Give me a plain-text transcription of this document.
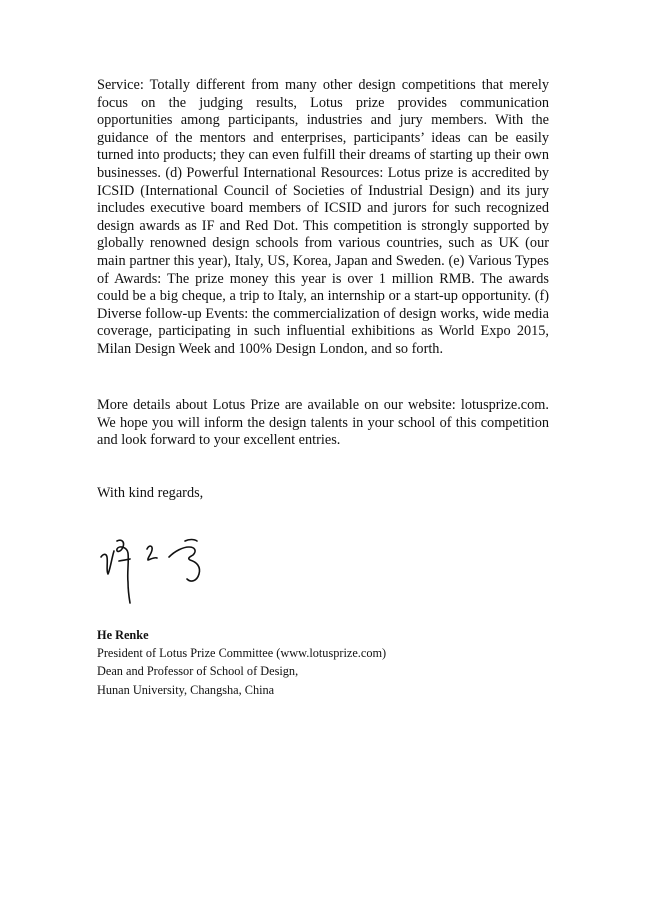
Service: Totally different from many other design competitions that merely focus on the judging results, Lotus prize provides communication opportunities among participants, industries and jury members. With the guidance of the mentors and enterprises, participants’ ideas can be easily turned into products; they can even fulfill their dreams of starting up their own businesses. (d) Powerful International Resources: Lotus prize is accredited by ICSID (International Council of Societies of Industrial Design) and its jury includes executive board members of ICSID and jurors for such recognized design awards as IF and Red Dot. This competition is strongly supported by globally renowned design schools from various countries, such as UK (our main partner this year), Italy, US, Korea, Japan and Sweden. (e) Various Types of Awards: The prize money this year is over 1 million RMB. The awards could be a big cheque, a trip to Italy, an internship or a start-up opportunity. (f) Diverse follow-up Events: the commercialization of design works, wide media coverage, participating in such influential exhibitions as World Expo 2015, Milan Design Week and 100% Design London, and so forth.

More details about Lotus Prize are available on our website: lotusprize.com. We hope you will inform the design talents in your school of this competition and look forward to your excellent entries.

With kind regards,

He Renke
President of Lotus Prize Committee (www.lotusprize.com)
Dean and Professor of School of Design,
Hunan University, Changsha, China
